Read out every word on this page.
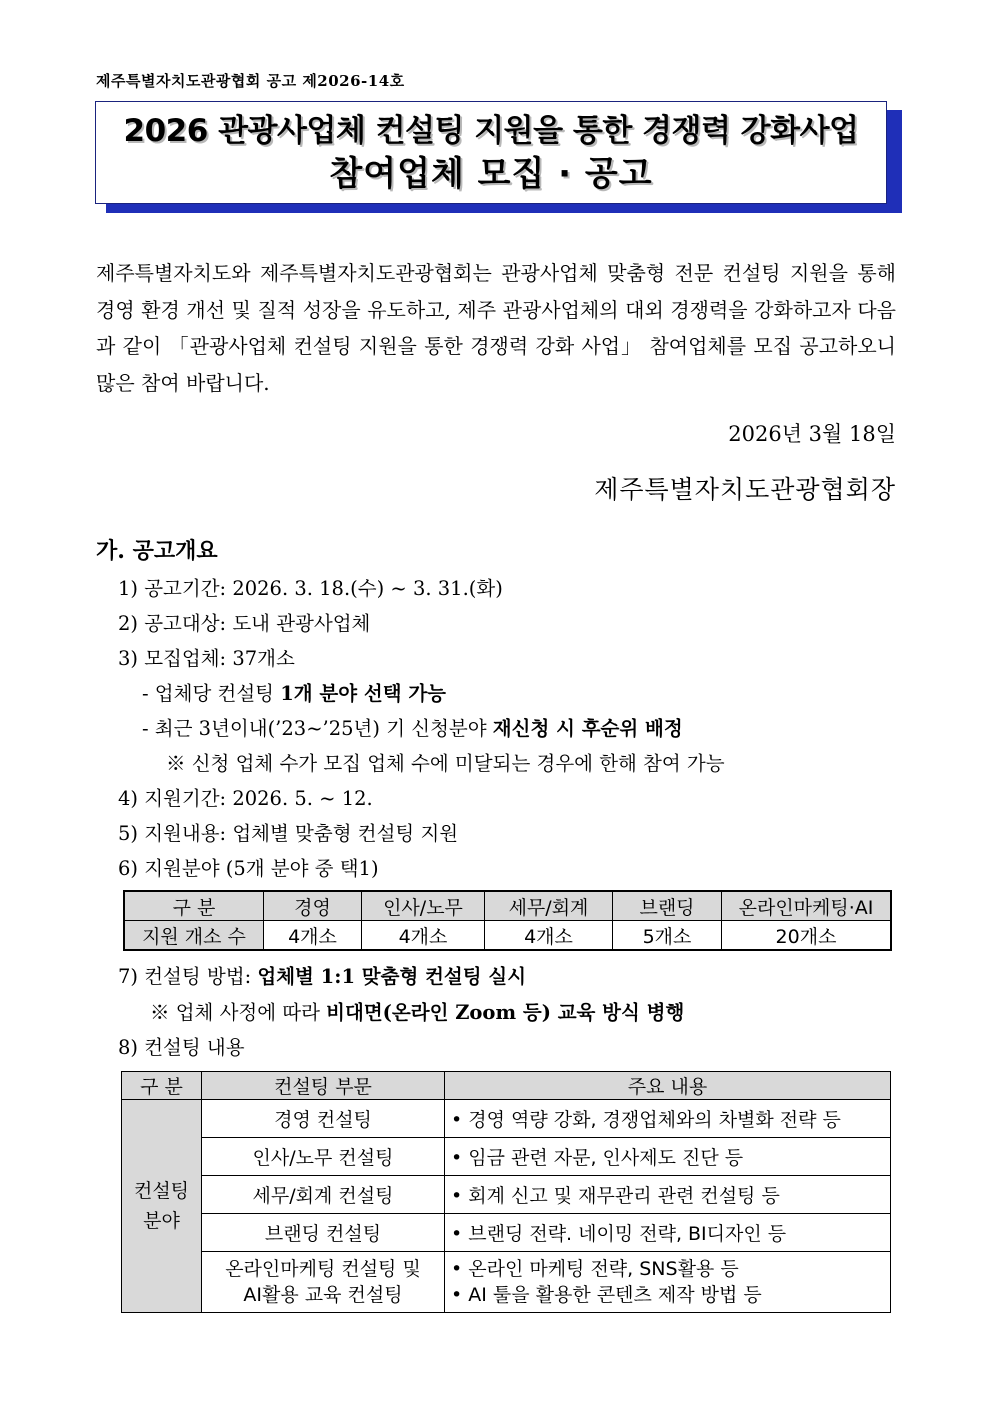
제주특별자치도관광협회 공고 제2026-14호
2026 관광사업체 컨설팅 지원을 통한 경쟁력 강화사업
참여업체 모집 · 공고
제주특별자치도와 제주특별자치도관광협회는 관광사업체 맞춤형 전문 컨설팅 지원을 통해 경영 환경 개선 및 질적 성장을 유도하고, 제주 관광사업체의 대외 경쟁력을 강화하고자 다음과 같이 「관광사업체 컨설팅 지원을 통한 경쟁력 강화 사업」 참여업체를 모집 공고하오니 많은 참여 바랍니다.
2026년 3월 18일
제주특별자치도관광협회장
가. 공고개요
1) 공고기간: 2026. 3. 18.(수) ~ 3. 31.(화)
2) 공고대상: 도내 관광사업체
3) 모집업체: 37개소
- 업체당 컨설팅 1개 분야 선택 가능
- 최근 3년이내(’23~’25년) 기 신청분야 재신청 시 후순위 배정
※ 신청 업체 수가 모집 업체 수에 미달되는 경우에 한해 참여 가능
4) 지원기간: 2026. 5. ~ 12.
5) 지원내용: 업체별 맞춤형 컨설팅 지원
6) 지원분야 (5개 분야 중 택1)
구 분	경영	인사/노무	세무/회계	브랜딩	온라인마케팅·AI
지원 개소 수	4개소	4개소	4개소	5개소	20개소
7) 컨설팅 방법: 업체별 1:1 맞춤형 컨설팅 실시
※ 업체 사정에 따라 비대면(온라인 Zoom 등) 교육 방식 병행
8) 컨설팅 내용
구 분	컨설팅 부문	주요 내용
컨설팅
분야	경영 컨설팅	• 경영 역량 강화, 경쟁업체와의 차별화 전략 등
	인사/노무 컨설팅	• 임금 관련 자문, 인사제도 진단 등
	세무/회계 컨설팅	• 회계 신고 및 재무관리 관련 컨설팅 등
	브랜딩 컨설팅	• 브랜딩 전략. 네이밍 전략, BI디자인 등
	온라인마케팅 컨설팅 및
AI활용 교육 컨설팅	• 온라인 마케팅 전략, SNS활용 등
• AI 툴을 활용한 콘텐츠 제작 방법 등
